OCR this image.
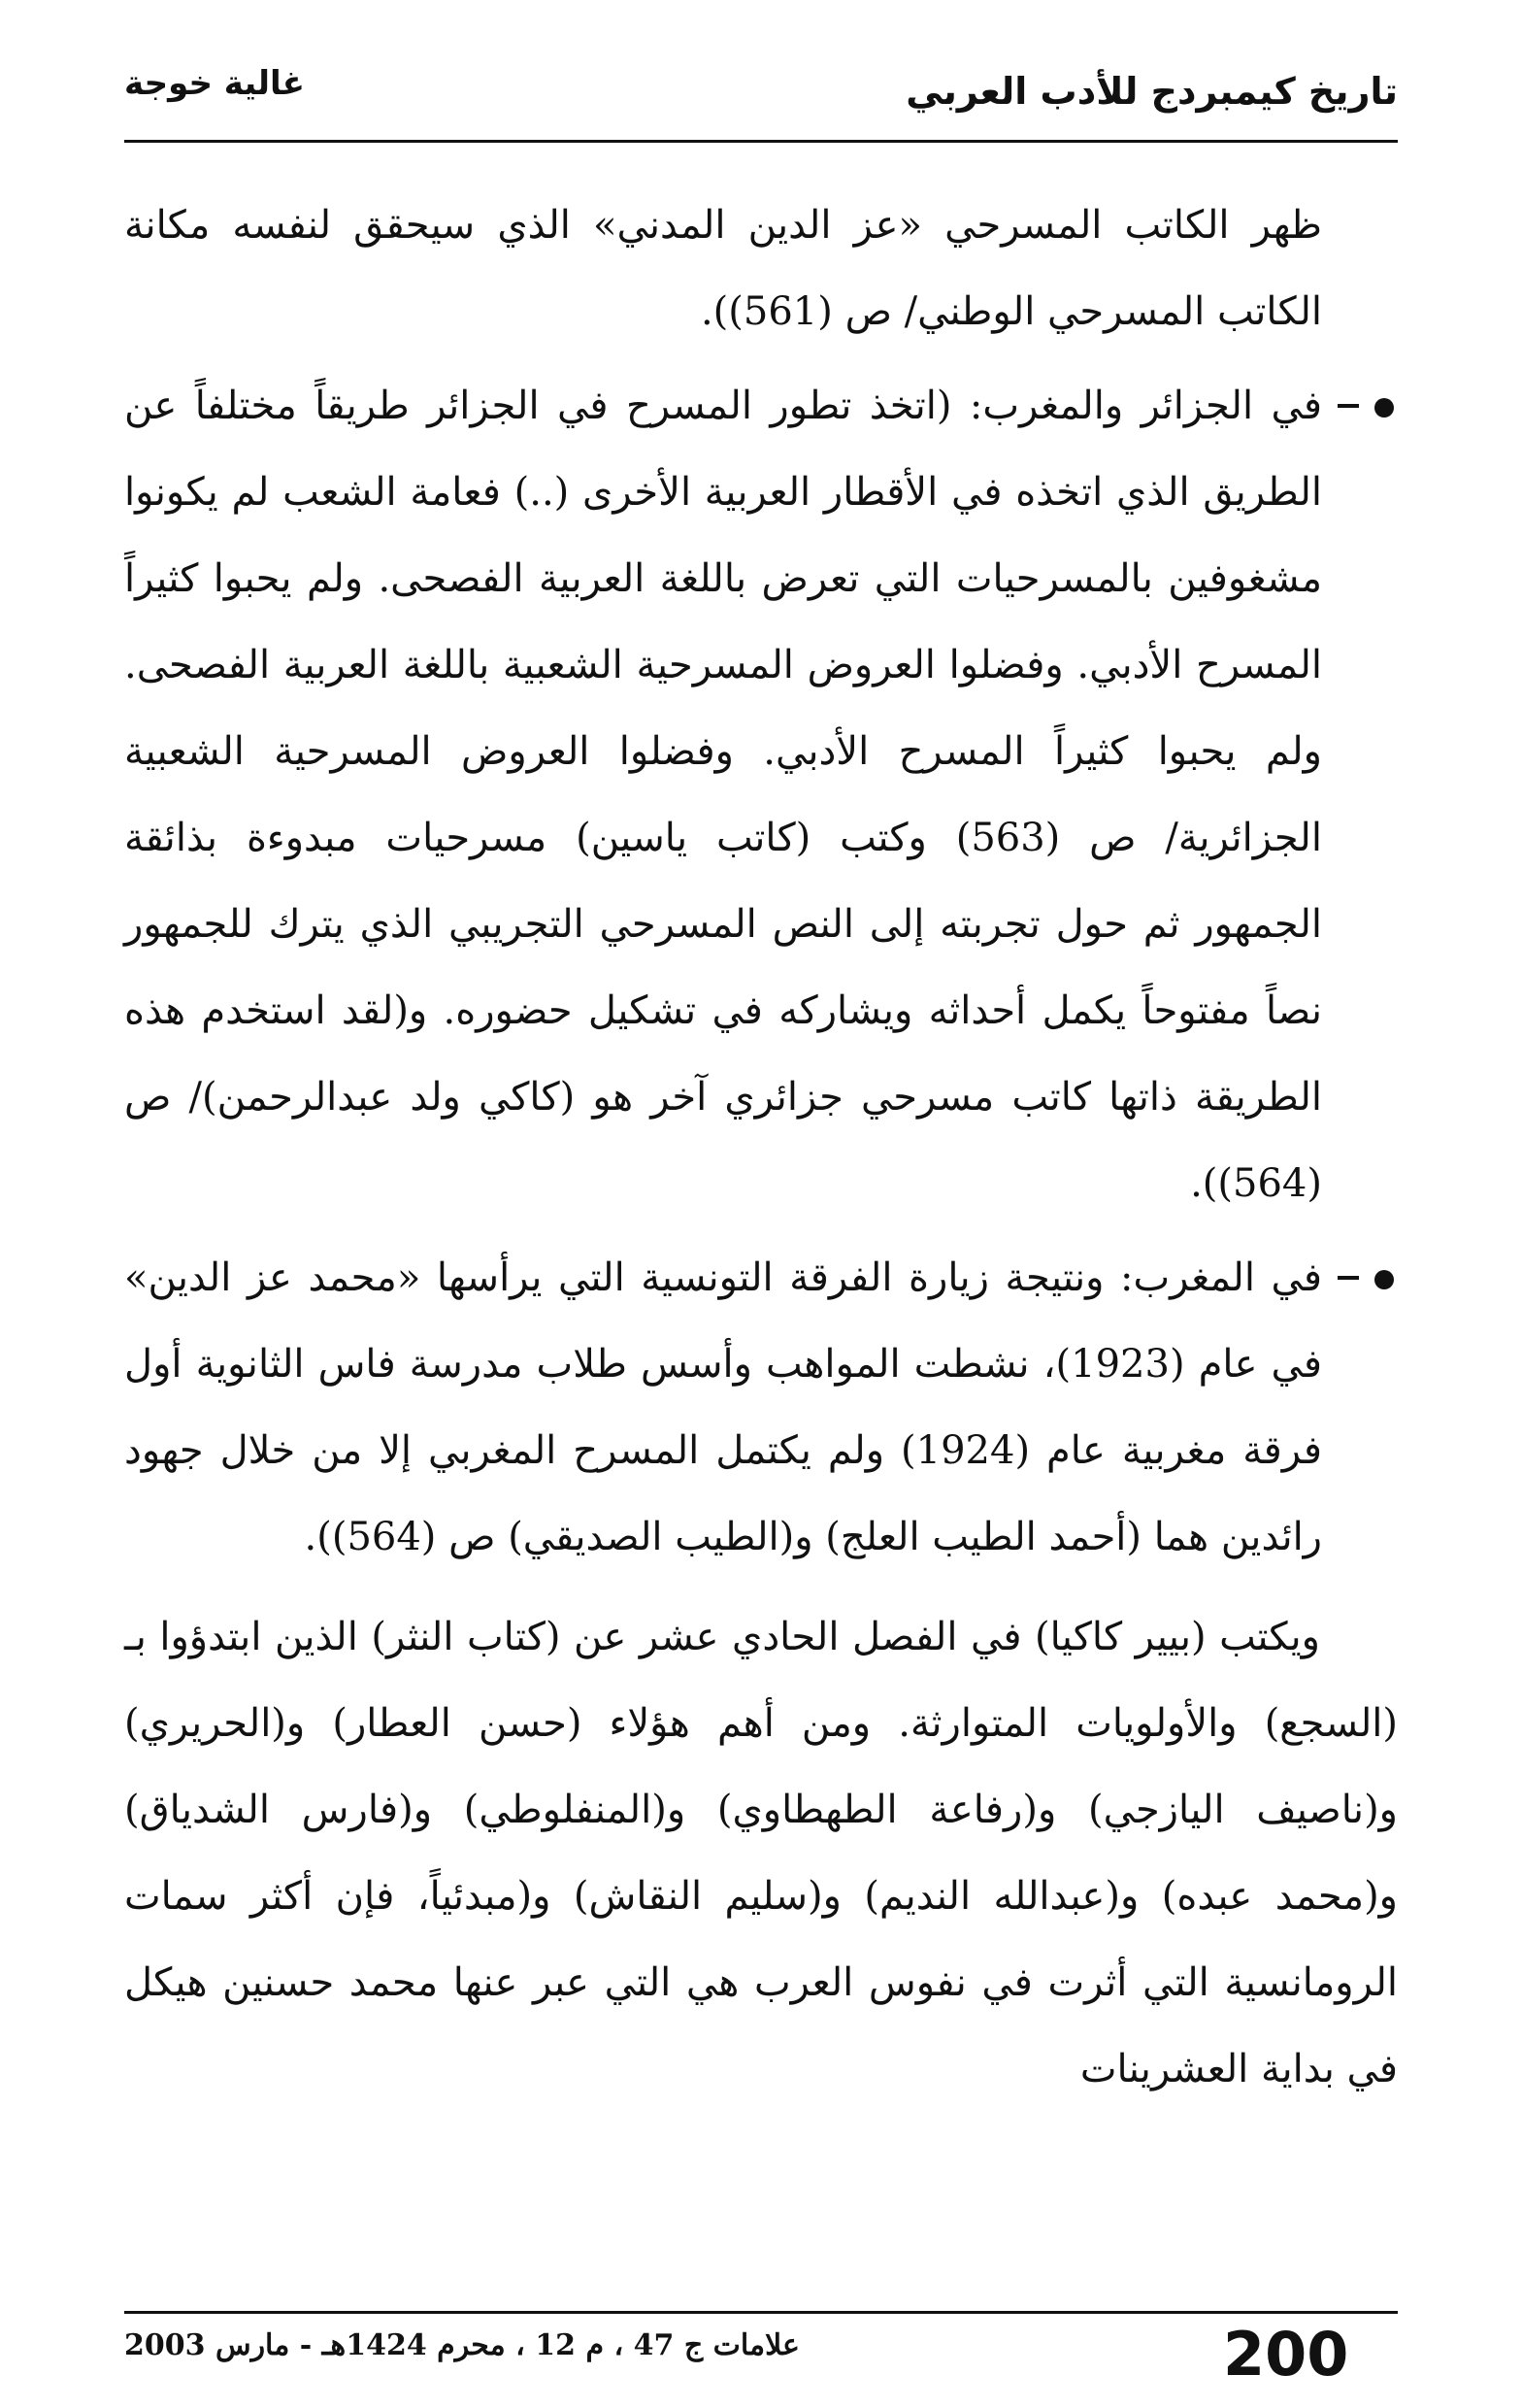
تاريخ كيمبردج للأدب العربي
غالية خوجة

ظهر الكاتب المسرحي «عز الدين المدني» الذي سيحقق لنفسه مكانة الكاتب المسرحي الوطني/ ص (561)).

في الجزائر والمغرب: (اتخذ تطور المسرح في الجزائر طريقاً مختلفاً عن الطريق الذي اتخذه في الأقطار العربية الأخرى (..) فعامة الشعب لم يكونوا مشغوفين بالمسرحيات التي تعرض باللغة العربية الفصحى. ولم يحبوا كثيراً المسرح الأدبي. وفضلوا العروض المسرحية الشعبية باللغة العربية الفصحى. ولم يحبوا كثيراً المسرح الأدبي. وفضلوا العروض المسرحية الشعبية الجزائرية/ ص (563) وكتب (كاتب ياسين) مسرحيات مبدوءة بذائقة الجمهور ثم حول تجربته إلى النص المسرحي التجريبي الذي يترك للجمهور نصاً مفتوحاً يكمل أحداثه ويشاركه في تشكيل حضوره. و(لقد استخدم هذه الطريقة ذاتها كاتب مسرحي جزائري آخر هو (كاكي ولد عبدالرحمن)/ ص (564)).
في المغرب: ونتيجة زيارة الفرقة التونسية التي يرأسها «محمد عز الدين» في عام (1923)، نشطت المواهب وأسس طلاب مدرسة فاس الثانوية أول فرقة مغربية عام (1924) ولم يكتمل المسرح المغربي إلا من خلال جهود رائدين هما (أحمد الطيب العلج) و(الطيب الصديقي) ص (564)).

ويكتب (بيير كاكيا) في الفصل الحادي عشر عن (كتاب النثر) الذين ابتدؤوا بـ (السجع) والأولويات المتوارثة. ومن أهم هؤلاء (حسن العطار) و(الحريري) و(ناصيف اليازجي) و(رفاعة الطهطاوي) و(المنفلوطي) و(فارس الشدياق) و(محمد عبده) و(عبدالله النديم) و(سليم النقاش) و(مبدئياً، فإن أكثر سمات الرومانسية التي أثرت في نفوس العرب هي التي عبر عنها محمد حسنين هيكل في بداية العشرينات

200
علامات ج 47 ، م 12 ، محرم 1424هـ - مارس 2003
